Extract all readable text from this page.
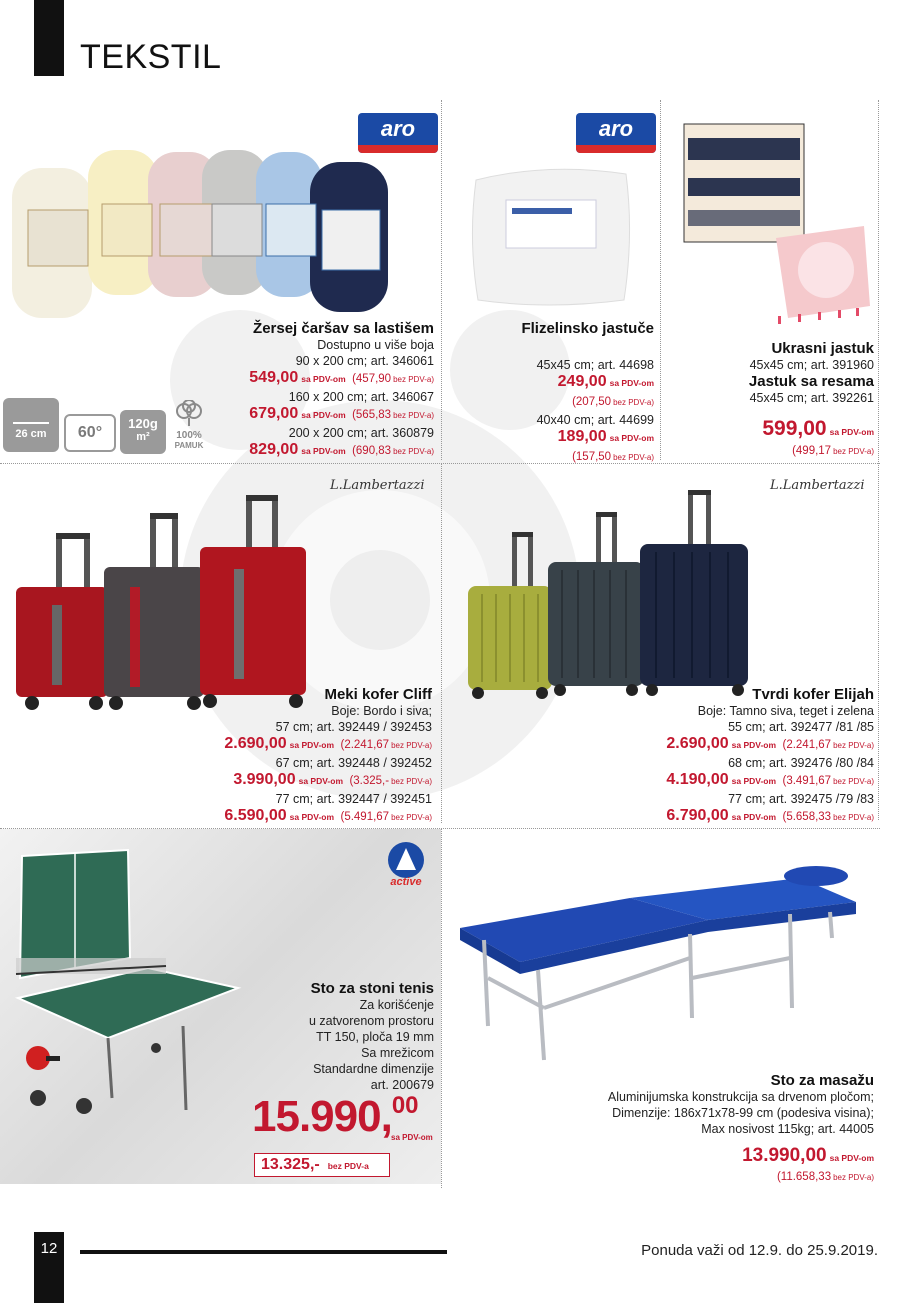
TEKSTIL
aro
Žersej čaršav sa lastišem
Dostupno u više boja
90 x 200 cm; art. 346061
549,00 sa PDV-om (457,90 bez PDV-a)
160 x 200 cm; art. 346067
679,00 sa PDV-om (565,83 bez PDV-a)
200 x 200 cm; art. 360879
829,00 sa PDV-om (690,83 bez PDV-a)
26 cm	60°
120g
m²	100%
PAMUK
aro
Flizelinsko jastuče
45x45 cm; art. 44698
249,00 sa PDV-om
(207,50 bez PDV-a)
40x40 cm; art. 44699
189,00 sa PDV-om
(157,50 bez PDV-a)
Ukrasni jastuk
45x45 cm; art. 391960
Jastuk sa resama
45x45 cm; art. 392261
599,00 sa PDV-om
(499,17 bez PDV-a)
L.Lambertazzi
Meki kofer Cliff
Boje: Bordo i siva;
57 cm; art. 392449 / 392453
2.690,00 sa PDV-om (2.241,67 bez PDV-a)
67 cm; art. 392448 / 392452
3.990,00 sa PDV-om (3.325,- bez PDV-a)
77 cm; art. 392447 / 392451
6.590,00 sa PDV-om (5.491,67 bez PDV-a)
L.Lambertazzi
Tvrdi kofer Elijah
Boje: Tamno siva, teget i zelena
55 cm; art. 392477 /81 /85
2.690,00 sa PDV-om (2.241,67 bez PDV-a)
68 cm; art. 392476 /80 /84
4.190,00 sa PDV-om (3.491,67 bez PDV-a)
77 cm; art. 392475 /79 /83
6.790,00 sa PDV-om (5.658,33 bez PDV-a)
active
Sto za stoni tenis
Za korišćenje
u zatvorenom prostoru
TT 150, ploča 19 mm
Sa mrežicom
Standardne dimenzije
art. 200679
15.990,00
sa PDV-om
13.325,- bez PDV-a
Sto za masažu
Aluminijumska konstrukcija sa drvenom pločom;
Dimenzije: 186x71x78-99 cm (podesiva visina);
Max nosivost 115kg; art. 44005
13.990,00 sa PDV-om
(11.658,33 bez PDV-a)
12	Ponuda važi od 12.9. do 25.9.2019.
